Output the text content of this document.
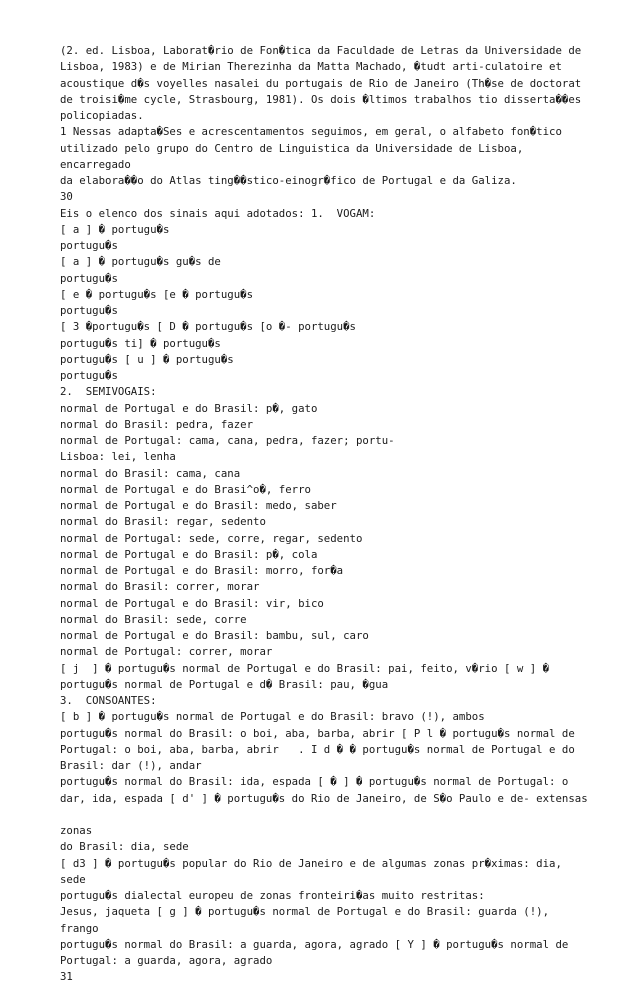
(2. ed. Lisboa, Laborat�rio de Fon�tica da Faculdade de Letras da Universidade de
Lisboa, 1983) e de Mirian Therezinha da Matta Machado, �tudt arti-culatoire et
acoustique d�s voyelles nasalei du portugais de Rio de Janeiro (Th�se de doctorat
de troisi�me cycle, Strasbourg, 1981). Os dois �ltimos trabalhos tio disserta��es
policopiadas.
1 Nessas adapta�Ses e acrescentamentos seguimos, em geral, o alfabeto fon�tico
utilizado pelo grupo do Centro de Linguistica da Universidade de Lisboa,
encarregado
da elabora��o do Atlas ting��stico-einogr�fico de Portugal e da Galiza.
30
Eis o elenco dos sinais aqui adotados: 1.  VOGAM:
[ a ] � portugu�s
portugu�s
[ a ] � portugu�s gu�s de
portugu�s
[ e � portugu�s [e � portugu�s
portugu�s
[ 3 �portugu�s [ D � portugu�s [o �- portugu�s
portugu�s ti] � portugu�s
portugu�s [ u ] � portugu�s
portugu�s
2.  SEMIVOGAIS:
normal de Portugal e do Brasil: p�, gato
normal do Brasil: pedra, fazer
normal de Portugal: cama, cana, pedra, fazer; portu-
Lisboa: lei, lenha
normal do Brasil: cama, cana
normal de Portugal e do Brasi^o�, ferro
normal de Portugal e do Brasil: medo, saber
normal do Brasil: regar, sedento
normal de Portugal: sede, corre, regar, sedento
normal de Portugal e do Brasil: p�, cola
normal de Portugal e do Brasil: morro, for�a
normal do Brasil: correr, morar
normal de Portugal e do Brasil: vir, bico
normal do Brasil: sede, corre
normal de Portugal e do Brasil: bambu, sul, caro
normal de Portugal: correr, morar
[ j  ] � portugu�s normal de Portugal e do Brasil: pai, feito, v�rio [ w ] �
portugu�s normal de Portugal e d� Brasil: pau, �gua
3.  CONSOANTES:
[ b ] � portugu�s normal de Portugal e do Brasil: bravo (!), ambos
portugu�s normal do Brasil: o boi, aba, barba, abrir [ P l � portugu�s normal de
Portugal: o boi, aba, barba, abrir   . I d � � portugu�s normal de Portugal e do
Brasil: dar (!), andar
portugu�s normal do Brasil: ida, espada [ � ] � portugu�s normal de Portugal: o
dar, ida, espada [ d' ] � portugu�s do Rio de Janeiro, de S�o Paulo e de- extensas
zonas
do Brasil: dia, sede
[ d3 ] � portugu�s popular do Rio de Janeiro e de algumas zonas pr�ximas: dia,
sede
portugu�s dialectal europeu de zonas fronteiri�as muito restritas:
Jesus, jaqueta [ g ] � portugu�s normal de Portugal e do Brasil: guarda (!),
frango
portugu�s normal do Brasil: a guarda, agora, agrado [ Y ] � portugu�s normal de
Portugal: a guarda, agora, agrado
31
